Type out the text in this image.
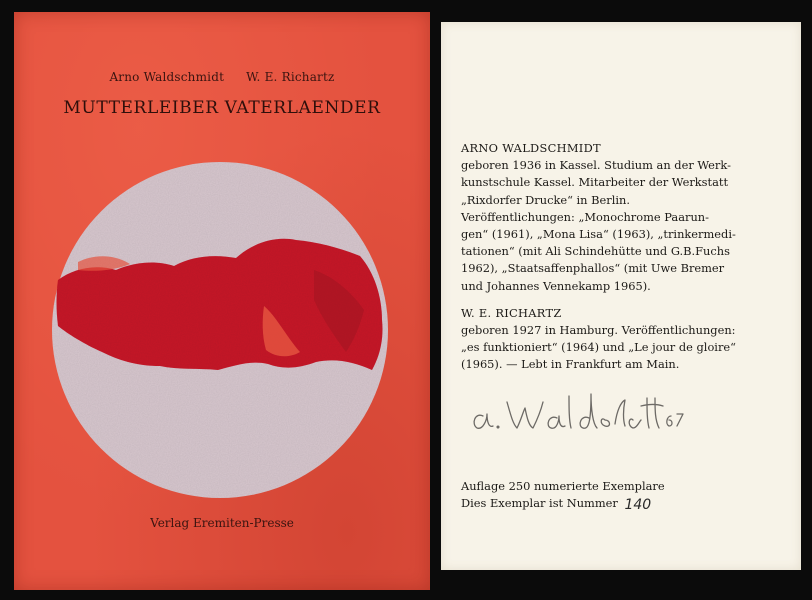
Arno Waldschmidt W. E. Richartz
MUTTERLEIBER VATERLAENDER
Verlag Eremiten-Presse

ARNO WALDSCHMIDT

geboren 1936 in Kassel. Studium an der Werk-

kunstschule Kassel. Mitarbeiter der Werkstatt

„Rixdorfer Drucke“ in Berlin.

Veröffentlichungen: „Monochrome Paarun-

gen“ (1961), „Mona Lisa“ (1963), „trinkermedi-

tationen“ (mit Ali Schindehütte und G.B.Fuchs

1962), „Staatsaffenphallos“ (mit Uwe Bremer

und Johannes Vennekamp 1965).

W. E. RICHARTZ

geboren 1927 in Hamburg. Veröffentlichungen:

„es funktioniert“ (1964) und „Le jour de gloire“

(1965). — Lebt in Frankfurt am Main.

Auflage 250 numerierte Exemplare

Dies Exemplar ist Nummer 140
